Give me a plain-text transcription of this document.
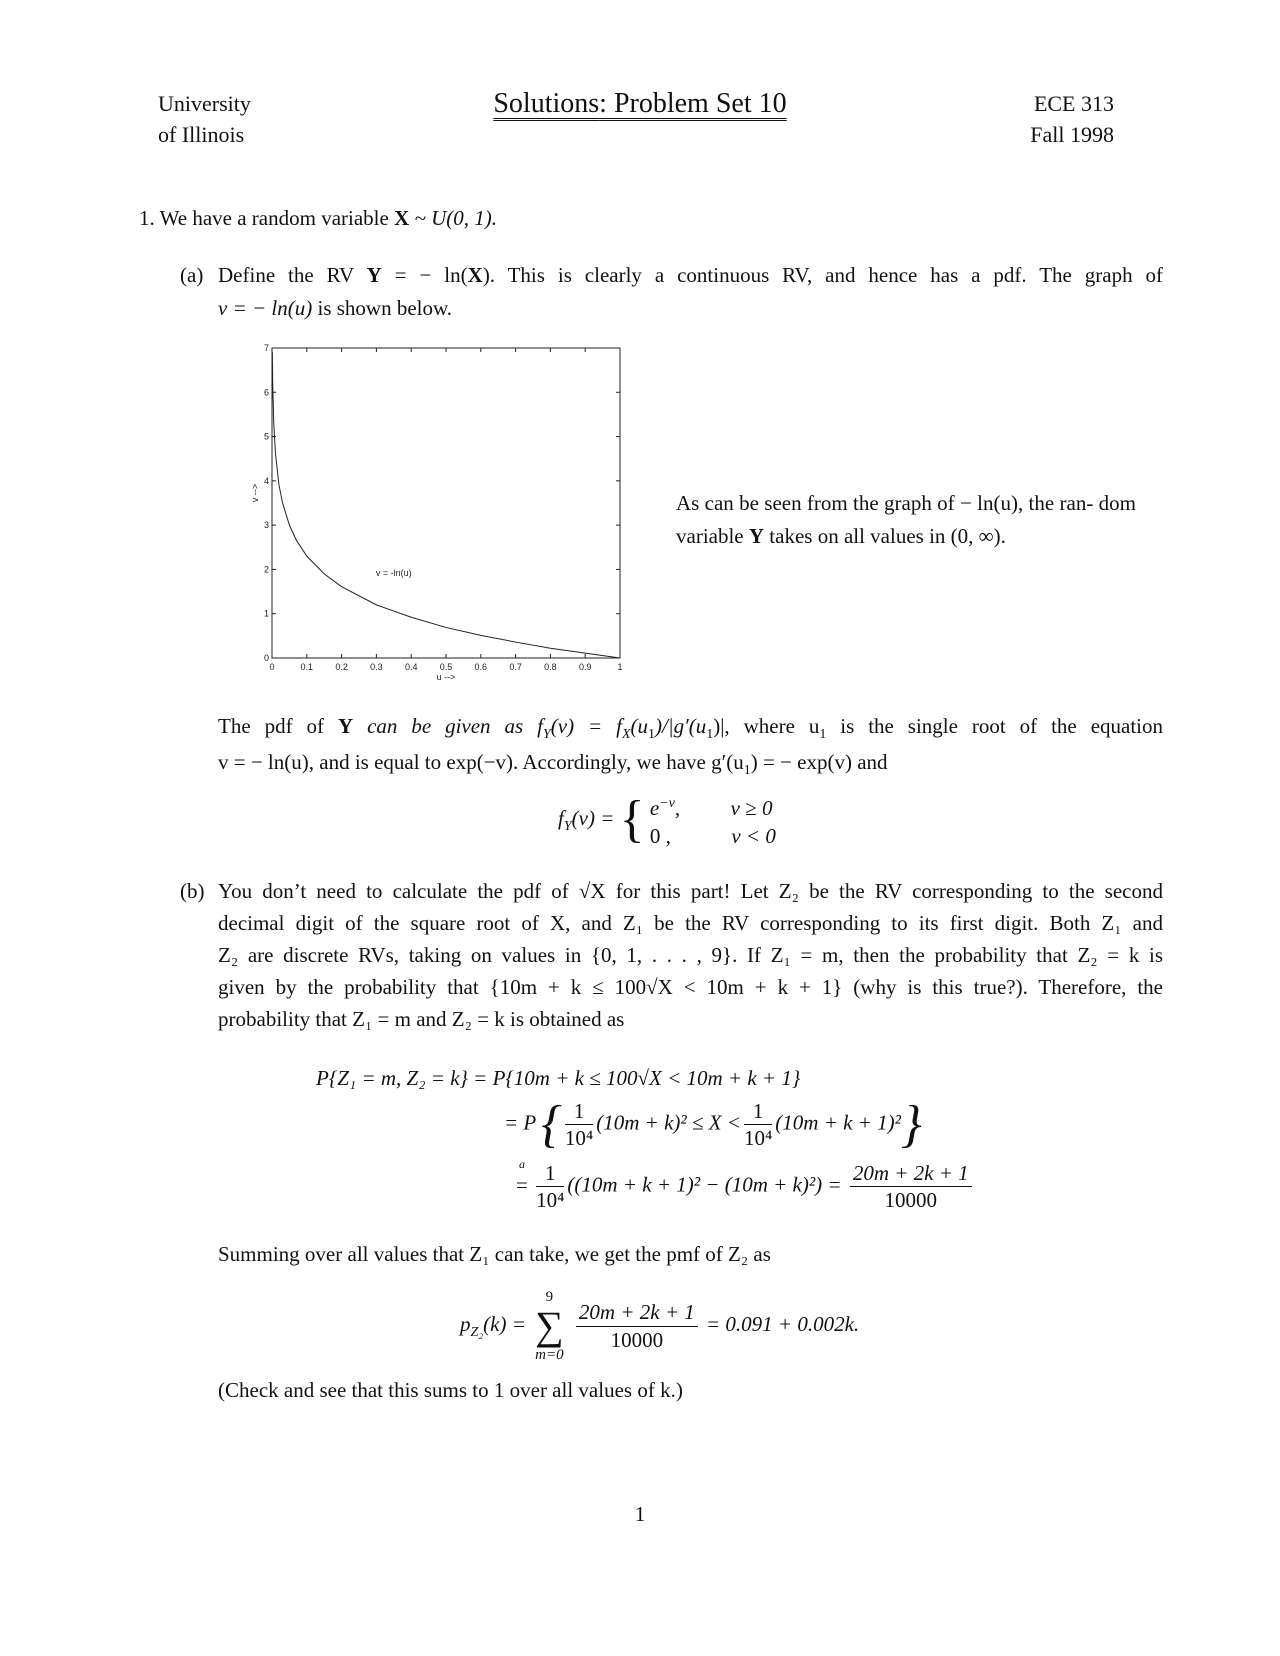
University
of Illinois
Solutions: Problem Set 10	ECE 313
Fall 1998
1. We have a random variable X ~ U(0, 1).
(a) Define the RV Y = − ln(X). This is clearly a continuous RV, and hence has a pdf. The graph of
v = − ln(u) is shown below.
0	0.1 0.2 0.3 0.4 0.5 0.6 0.7 0.8 0.9	1
0
1
2
3
4
5
6
7
u -->
v -->
v = -ln(u)
As can be seen from the graph of − ln(u), the ran- dom variable Y takes on all values in (0, ∞).
The pdf of Y can be given as $f_Y(v) = f_X(u_1)/|g'(u_1)|$, where $u_1$ is the single root of the equation
v = − ln(u), and is equal to exp(−v). Accordingly, we have $g'(u_1)$ = − exp(v) and
$f_Y(v)$ = { $e^{-v}$, v ≥ 0
0 ,	v < 0
(b) You don’t need to calculate the pdf of √X for this part! Let Z₂ be the RV corresponding to the second
decimal digit of the square root of X, and Z₁ be the RV corresponding to its first digit. Both Z₁ and
Z₂ are discrete RVs, taking on values in {0, 1, . . . , 9}. If Z₁ = m, then the probability that Z₂ = k is
given by the probability that {10m + k ≤ 100√X < 10m + k + 1} (why is this true?). Therefore, the
probability that Z₁ = m and Z₂ = k is obtained as
P{Z₁ = m, Z₂ = k} = P{10m + k ≤ 100√X < 10m + k + 1}
= P { $\frac{1}{\text{10⁴}} (10m + k)^2 \le X < \frac{1}{\text{10⁴}} (10m + k + 1)^2$}
a
= $\frac{1}{\text{10⁴}} ((10m + k + 1)^2 - (10m + k)^2) = \frac{20m + 2k + 1}{10000}$
Summing over all values that Z₁ can take, we get the pmf of Z₂ as
$p_{Z_2}(k)$ =
9
∑
m=0

$\frac{20m + 2k + 1}{10000} = 0.091 + 0.002k$.
(Check and see that this sums to 1 over all values of k.)
1
